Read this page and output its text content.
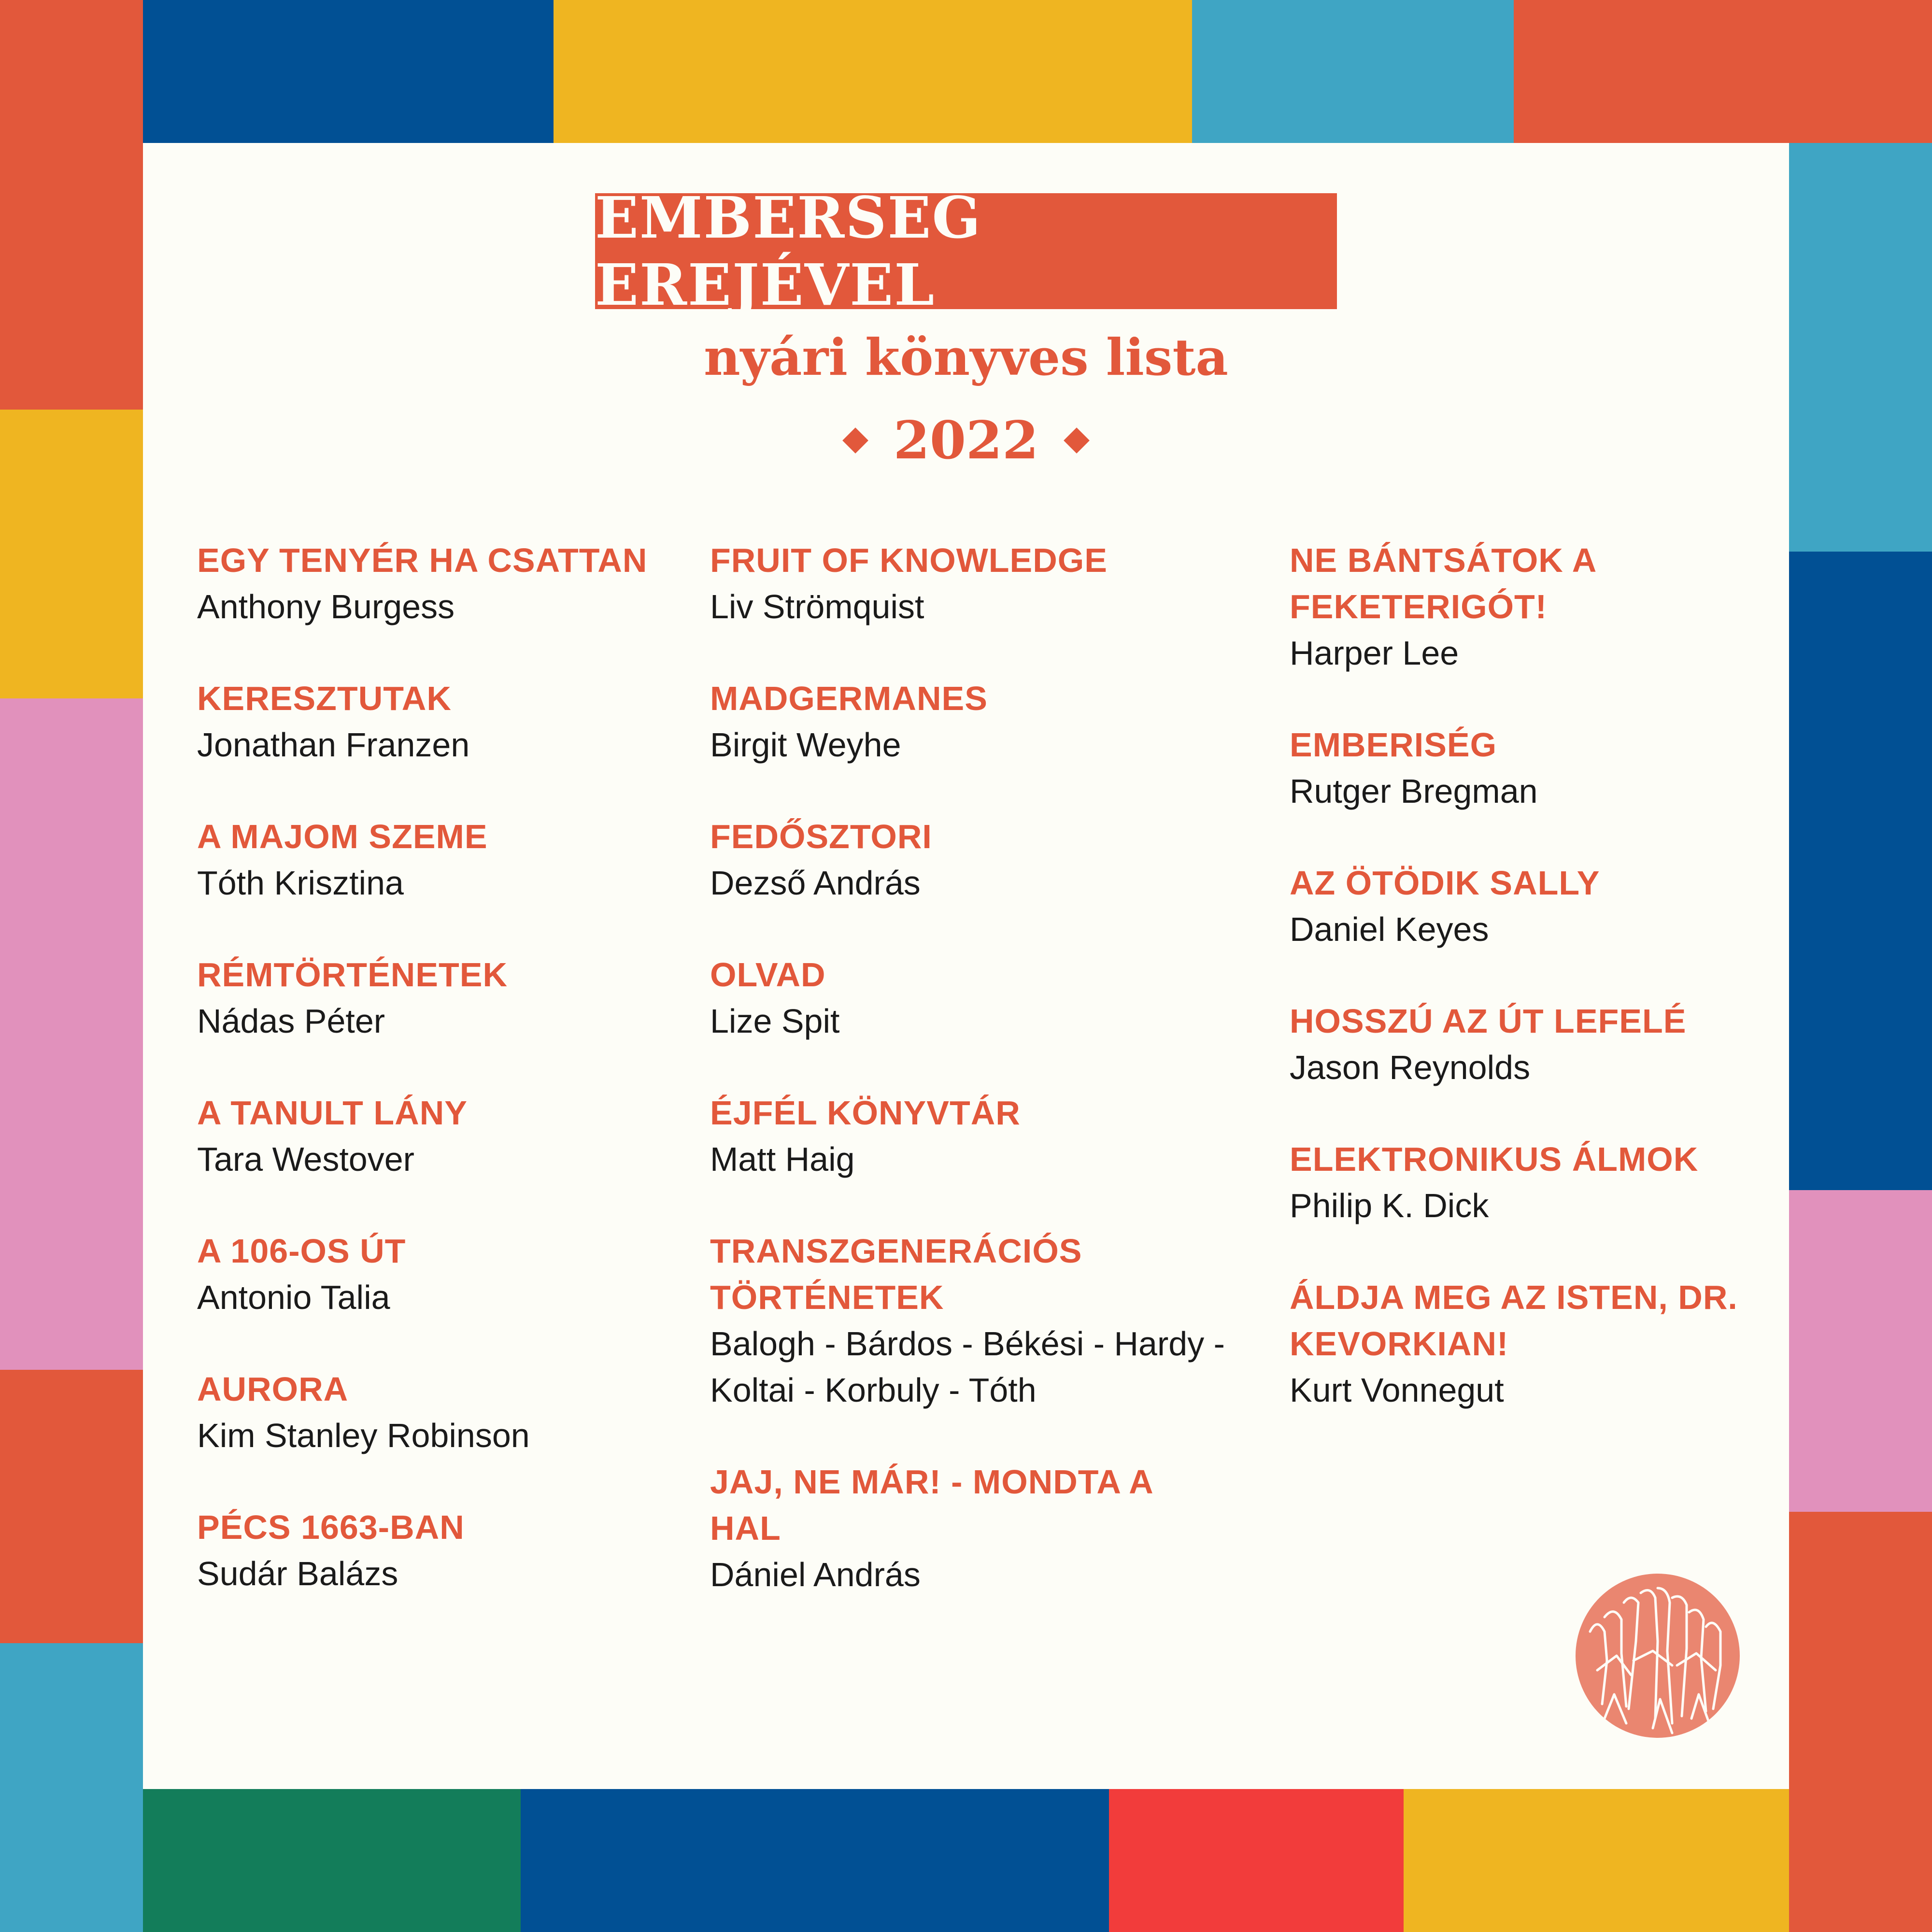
EMBERSÉG EREJÉVEL
nyári könyves lista
2022
EGY TENYÉR HA CSATTAN
Anthony Burgess
KERESZTUTAK
Jonathan Franzen
A MAJOM SZEME
Tóth Krisztina
RÉMTÖRTÉNETEK
Nádas Péter
A TANULT LÁNY
Tara Westover
A 106-OS ÚT
Antonio Talia
AURORA
Kim Stanley Robinson
PÉCS 1663-BAN
Sudár Balázs
FRUIT OF KNOWLEDGE
Liv Strömquist
MADGERMANES
Birgit Weyhe
FEDŐSZTORI
Dezső András
OLVAD
Lize Spit
ÉJFÉL KÖNYVTÁR
Matt Haig
TRANSZGENERÁCIÓS TÖRTÉNETEK
Balogh - Bárdos - Békési - Hardy - Koltai - Korbuly - Tóth
JAJ, NE MÁR! - MONDTA A HAL
Dániel András
NE BÁNTSÁTOK A FEKETERIGÓT!
Harper Lee
EMBERISÉG
Rutger Bregman
AZ ÖTÖDIK SALLY
Daniel Keyes
HOSSZÚ AZ ÚT LEFELÉ
Jason Reynolds
ELEKTRONIKUS ÁLMOK
Philip K. Dick
ÁLDJA MEG AZ ISTEN, DR. KEVORKIAN!
Kurt Vonnegut
